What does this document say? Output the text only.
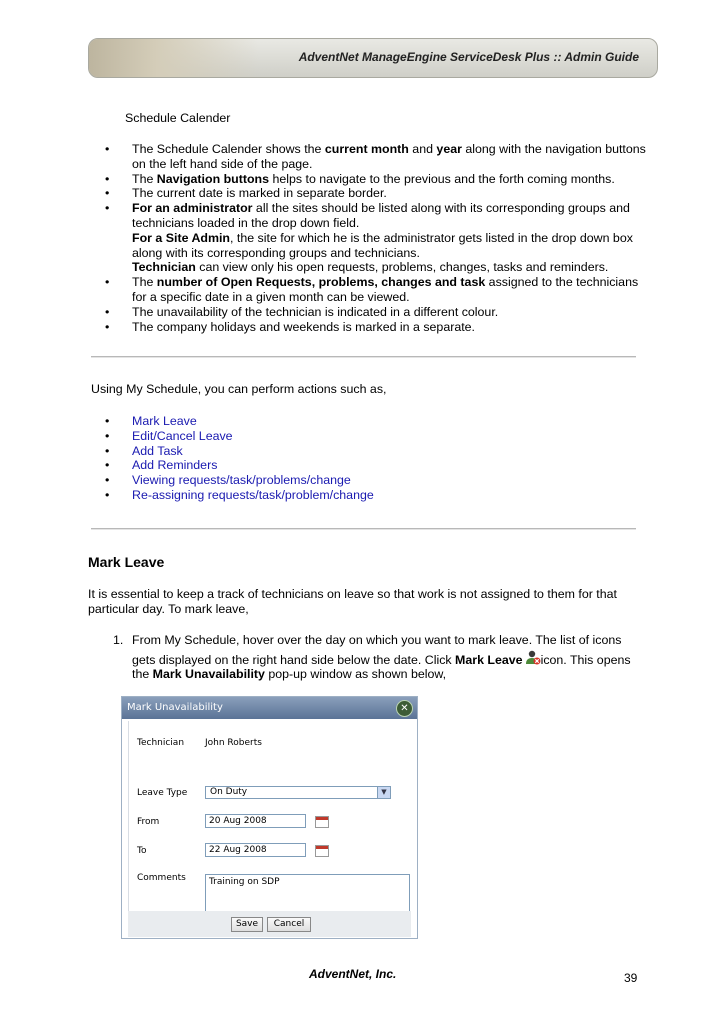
AdventNet ManageEngine ServiceDesk Plus :: Admin Guide
Schedule Calender
• The Schedule Calender shows the current month and year along with the navigation buttons
on the left hand side of the page.
• The Navigation buttons helps to navigate to the previous and the forth coming months.
• The current date is marked in separate border.
• For an administrator all the sites should be listed along with its corresponding groups and
technicians loaded in the drop down field.
For a Site Admin, the site for which he is the administrator gets listed in the drop down box
along with its corresponding groups and technicians.
Technician can view only his open requests, problems, changes, tasks and reminders.
• The number of Open Requests, problems, changes and task assigned to the technicians
for a specific date in a given month can be viewed.
• The unavailability of the technician is indicated in a different colour.
• The company holidays and weekends is marked in a separate.
Using My Schedule, you can perform actions such as,
• Mark Leave
• Edit/Cancel Leave
• Add Task
• Add Reminders
• Viewing requests/task/problems/change
• Re-assigning requests/task/problem/change
Mark Leave
It is essential to keep a track of technicians on leave so that work is not assigned to them for that
particular day. To mark leave,
1. From My Schedule, hover over the day on which you want to mark leave. The list of icons
gets displayed on the right hand side below the date. Click Mark Leave icon. This opens
the Mark Unavailability pop-up window as shown below,
Mark Unavailability	✕
Technician John Roberts
Leave Type	On Duty	▼
From	20 Aug 2008
To	22 Aug 2008
Comments	Training on SDP
Save	Cancel
AdventNet, Inc.	39
